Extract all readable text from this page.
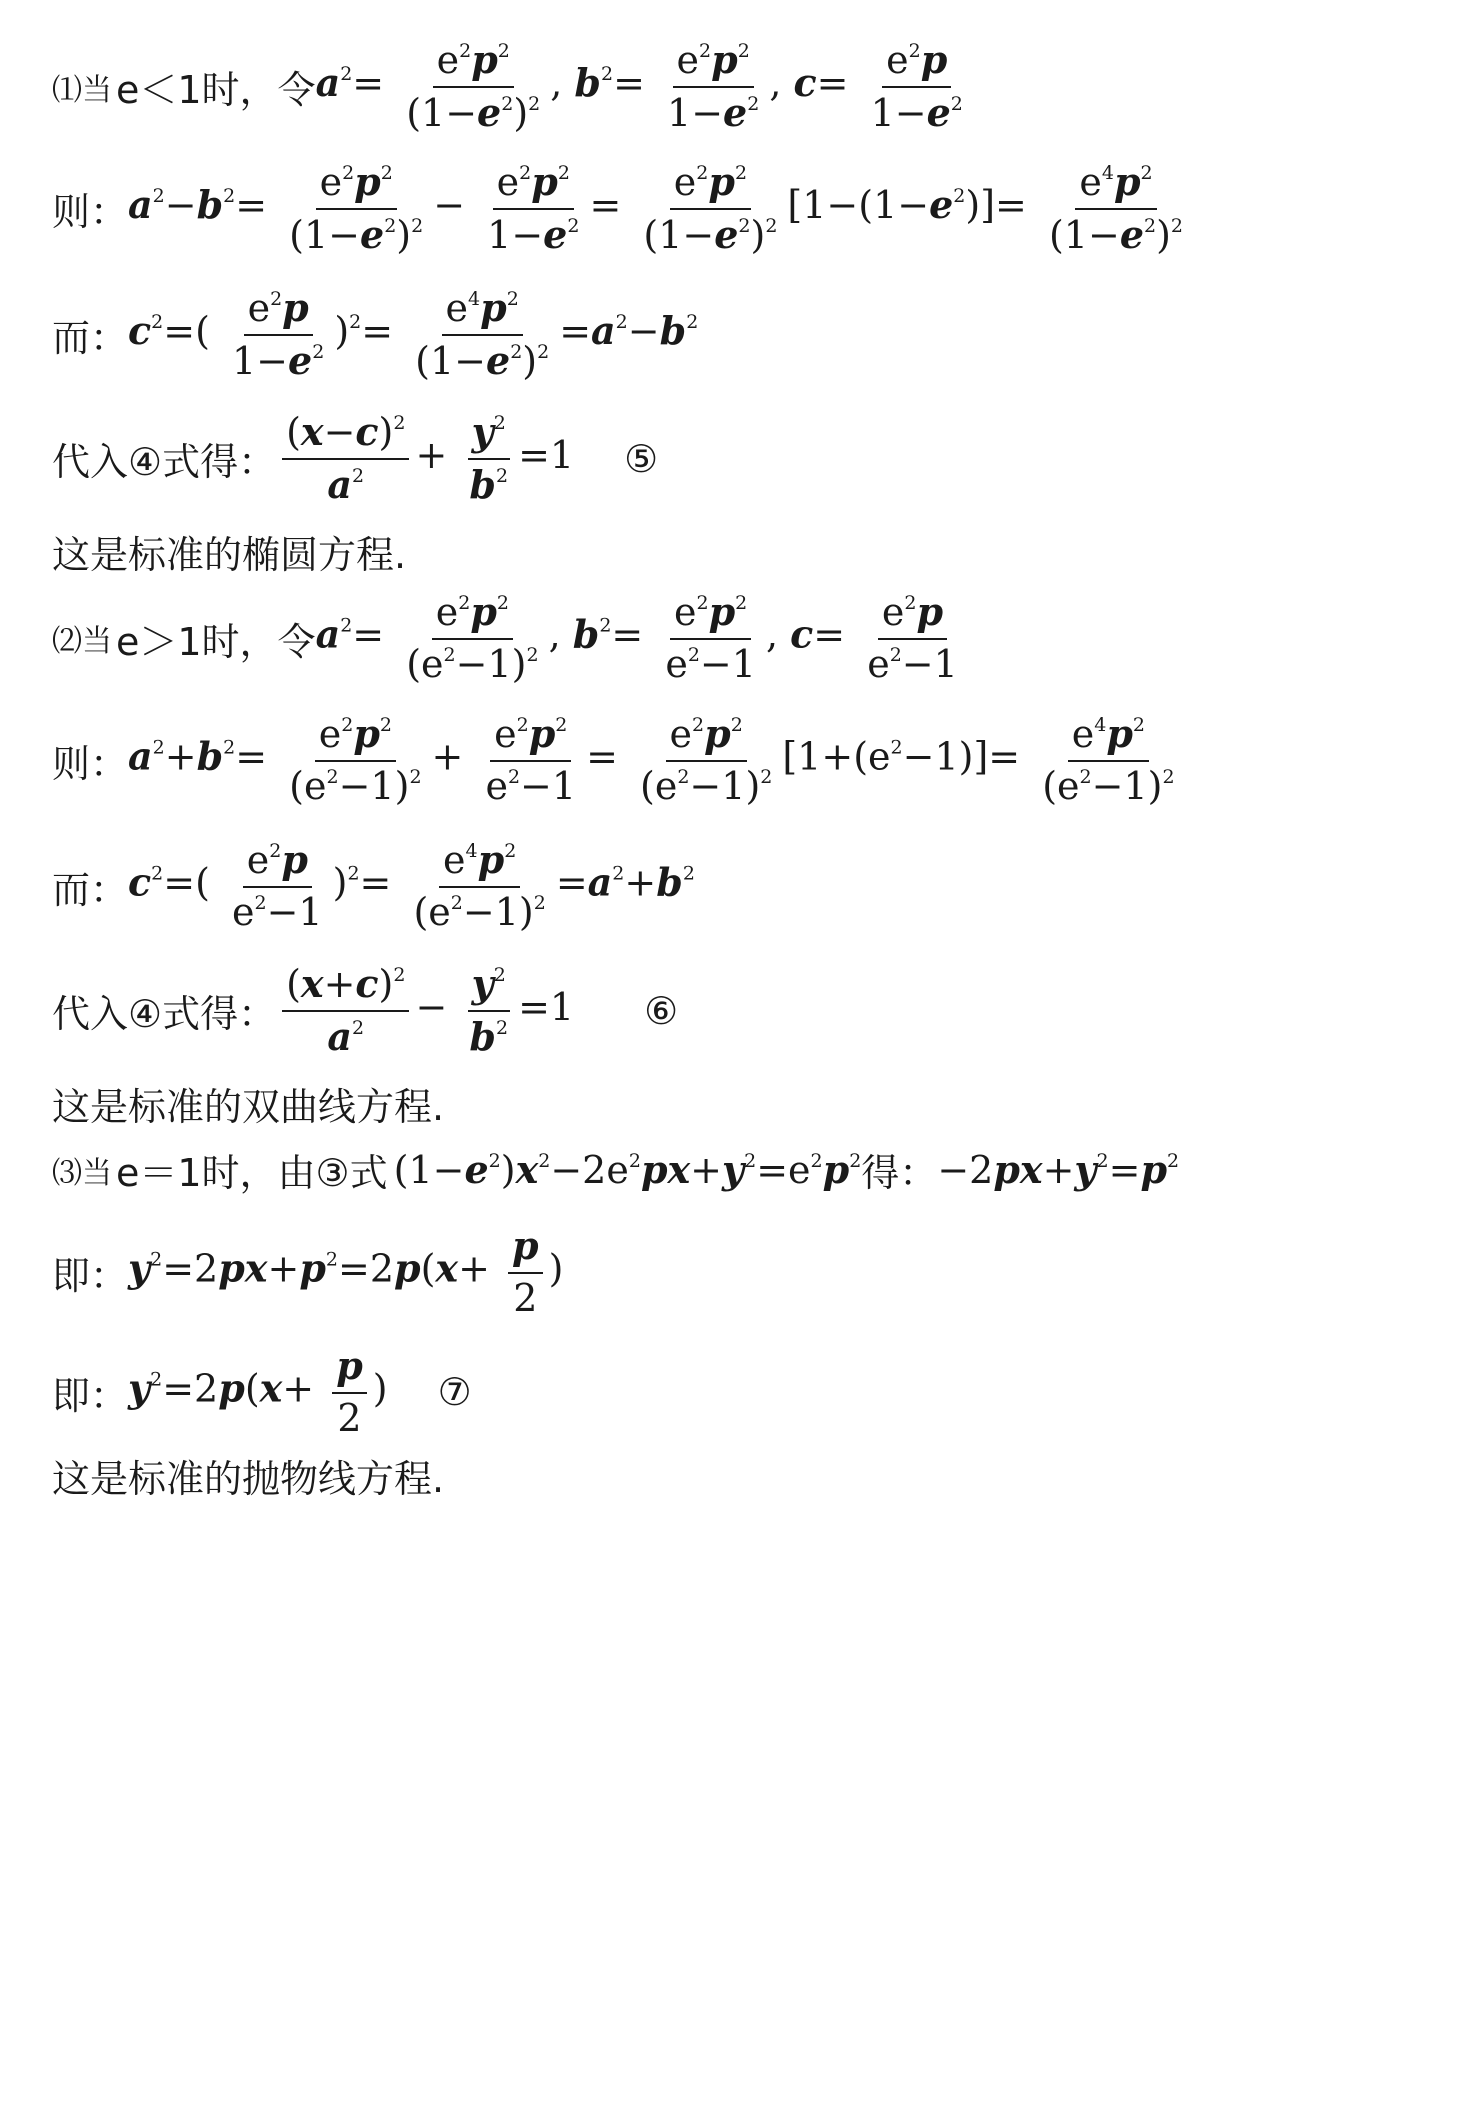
⑴当 e＜1时，令 $a^2= \frac{e^2p^2}{(1-e^2)^2}$ , $b^2= \frac{e^2p^2}{1-e^2}$ , $c= \frac{e^2p}{1-e^2}$
则： $a^2-b^2= \frac{e^2p^2}{(1-e^2)^2} - \frac{e^2p^2}{1-e^2} = \frac{e^2p^2}{(1-e^2)^2} [1-(1-e^2)]= \frac{e^4p^2}{(1-e^2)^2}$
而： $c^2=( \frac{e^2p}{1-e^2} )^2= \frac{e^4p^2}{(1-e^2)^2} =a^2-b^2$
代入④式得： $\frac{(x-c)^2}{a^2} + \frac{y^2}{b^2} =1$ ⑤
这是标准的椭圆方程.
⑵当 e＞1时，令 $a^2= \frac{e^2p^2}{(e^2-1)^2}$ , $b^2= \frac{e^2p^2}{e^2-1}$ , $c= \frac{e^2p}{e^2-1}$
则： $a^2+b^2= \frac{e^2p^2}{(e^2-1)^2} + \frac{e^2p^2}{e^2-1} = \frac{e^2p^2}{(e^2-1)^2} [1+(e^2-1)]= \frac{e^4p^2}{(e^2-1)^2}$
而： $c^2=( \frac{e^2p}{e^2-1} )^2= \frac{e^4p^2}{(e^2-1)^2} =a^2+b^2$
代入④式得： $\frac{(x+c)^2}{a^2} - \frac{y^2}{b^2} =1$ ⑥
这是标准的双曲线方程.
⑶当 e＝1时，由③式 $(1-e^2)x^2-2e^2px+y^2=e^2p^2$ 得： $-2px+y^2=p^2$
即： $y^2=2px+p^2=2p(x+ \frac{p}{2}$ )
即： $y^2=2p(x+ \frac{p}{2}$ ) ⑦
这是标准的抛物线方程.
